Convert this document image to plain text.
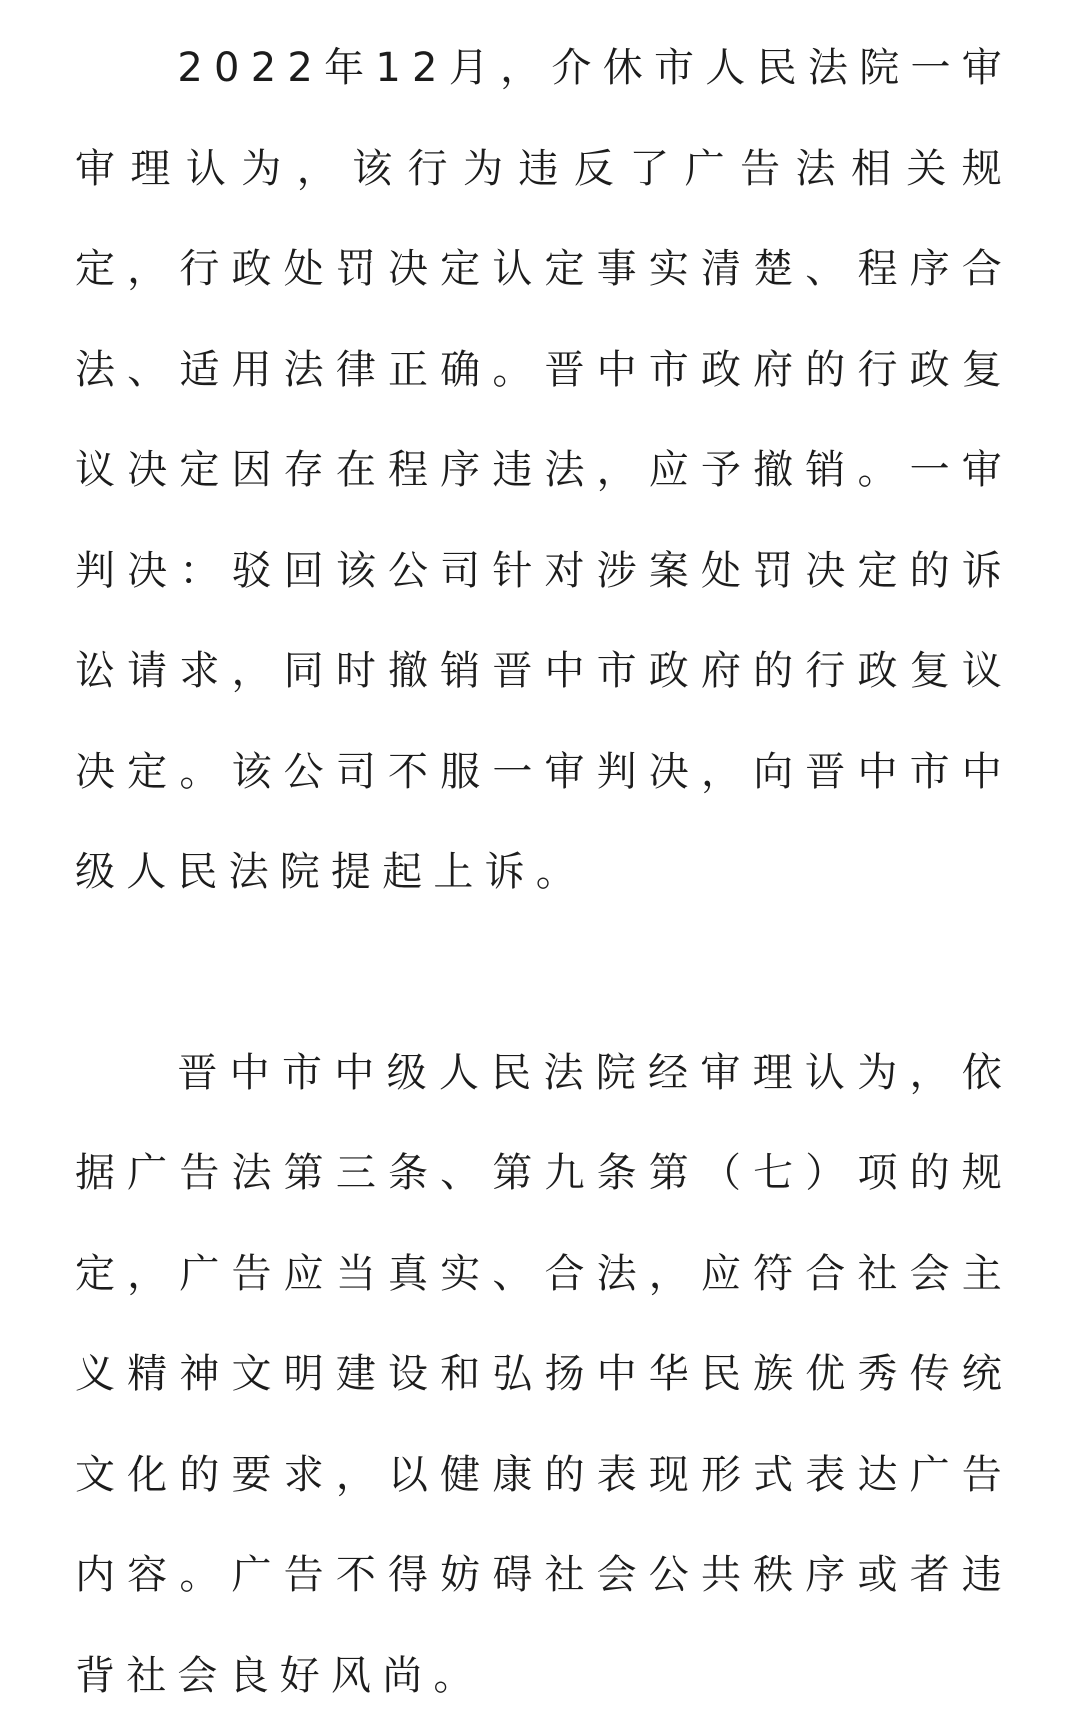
2022年12月，介休市人民法院一审审理认为，该行为违反了广告法相关规定，行政处罚决定认定事实清楚、程序合法、适用法律正确。晋中市政府的行政复议决定因存在程序违法，应予撤销。一审判决：驳回该公司针对涉案处罚决定的诉讼请求，同时撤销晋中市政府的行政复议决定。该公司不服一审判决，向晋中市中级人民法院提起上诉。

晋中市中级人民法院经审理认为，依据广告法第三条、第九条第（七）项的规定，广告应当真实、合法，应符合社会主义精神文明建设和弘扬中华民族优秀传统文化的要求，以健康的表现形式表达广告内容。广告不得妨碍社会公共秩序或者违背社会良好风尚。
